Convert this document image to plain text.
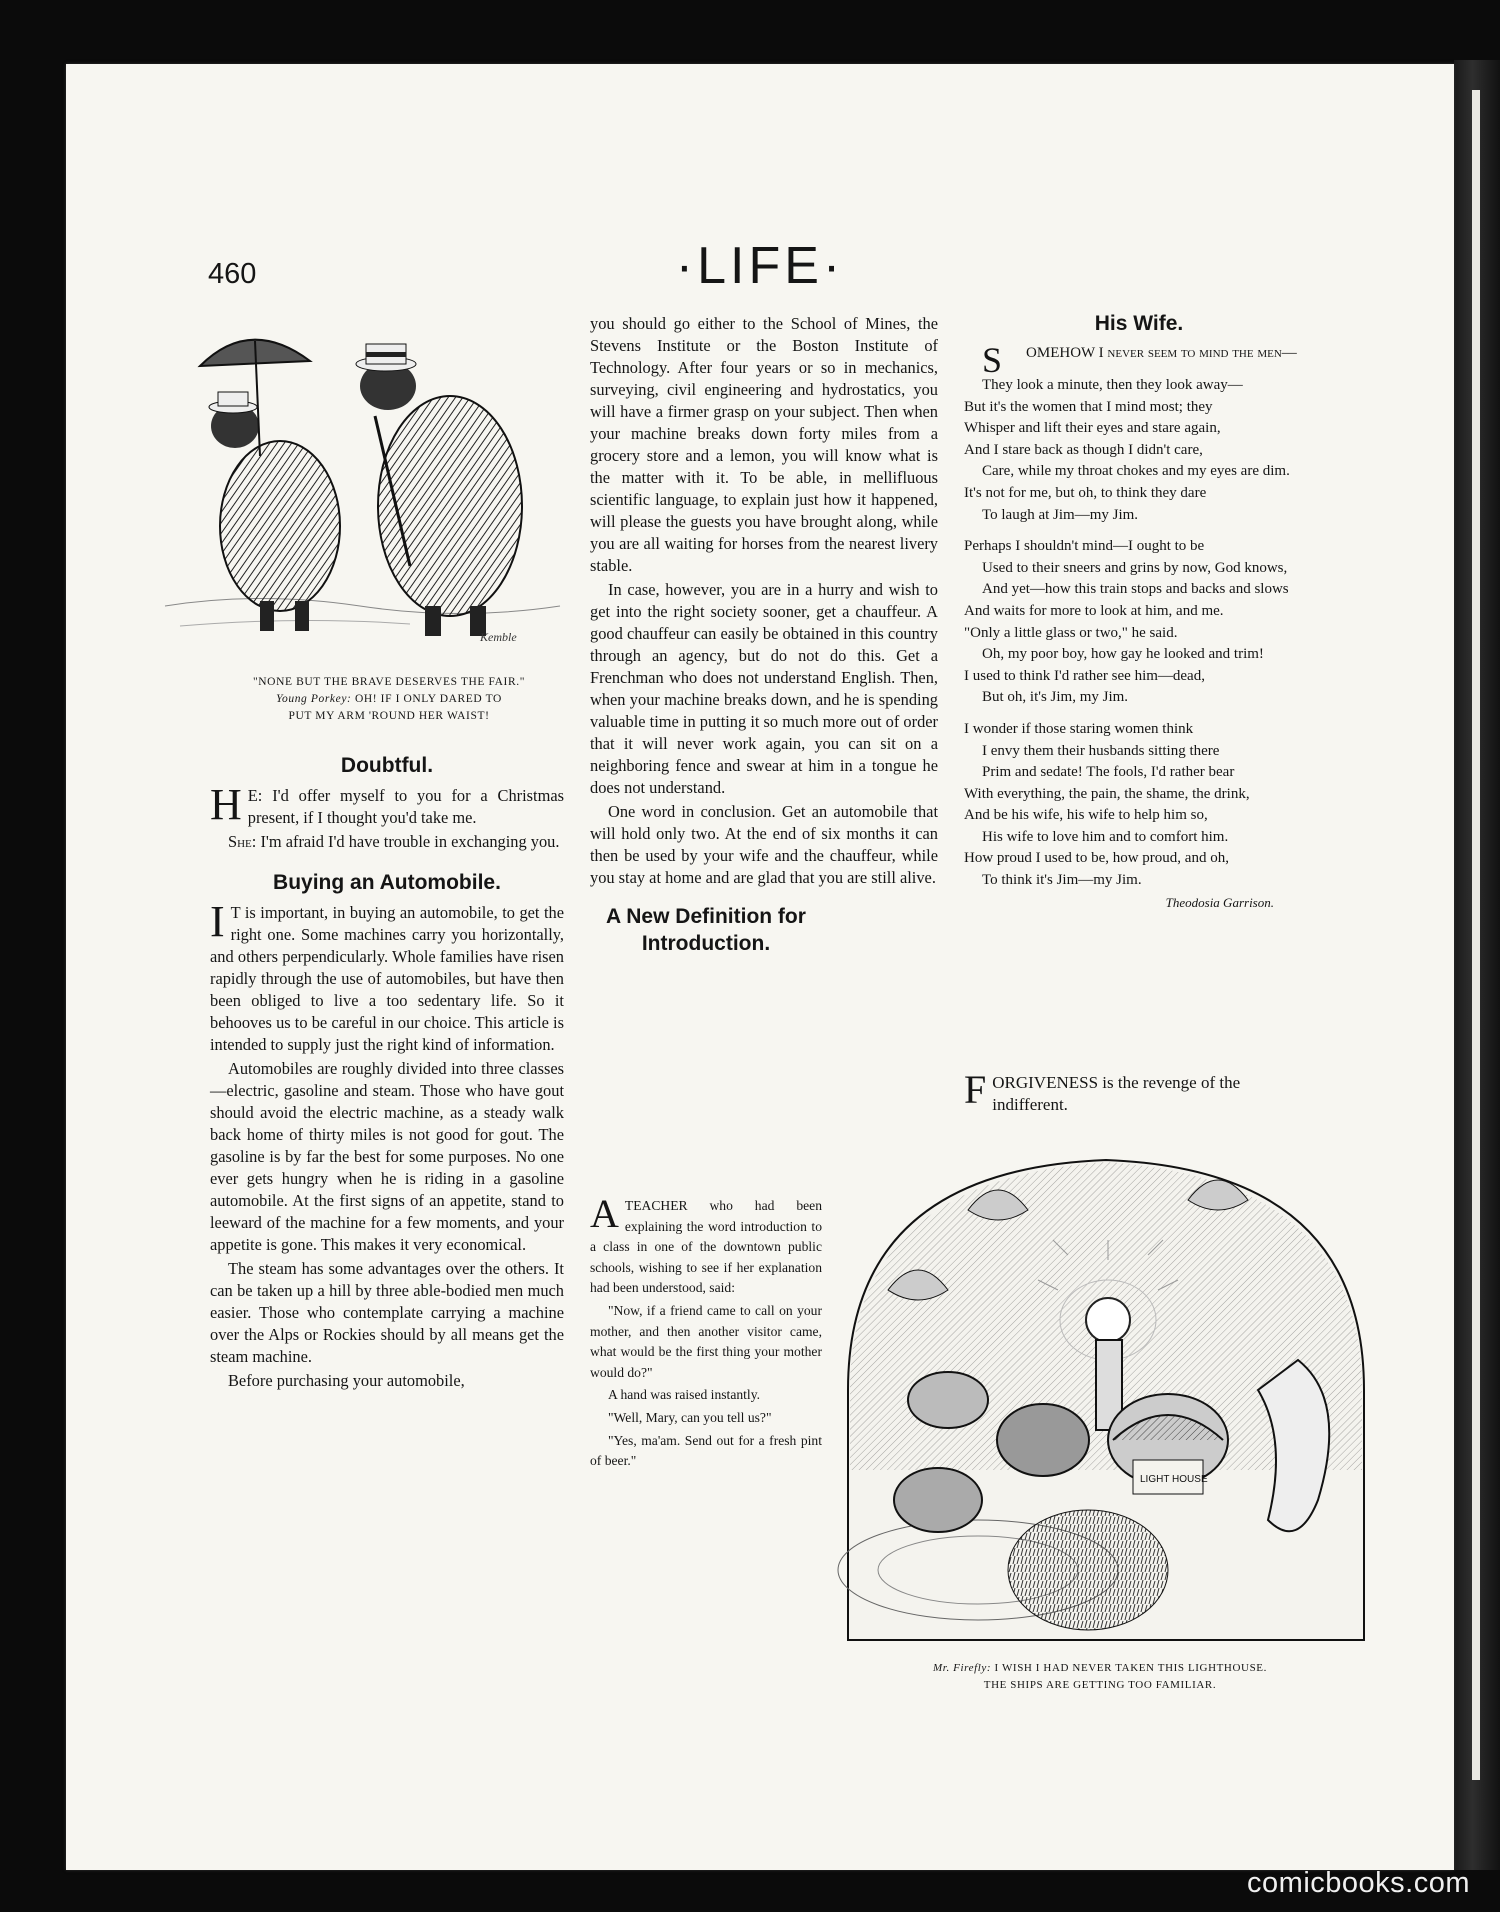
460	·LIFE·
Kemble
"NONE BUT THE BRAVE DESERVES THE FAIR."
Young Porkey: OH! IF I ONLY DARED TO
PUT MY ARM 'ROUND HER WAIST!
Doubtful.

H E: I'd offer myself to you for a Christmas present, if I thought you'd take me.

She: I'm afraid I'd have trouble in exchanging you.

Buying an Automobile.

I T is important, in buying an automobile, to get the right one. Some machines carry you horizontally, and others perpendicularly. Whole families have risen rapidly through the use of automobiles, but have then been obliged to live a too sedentary life. So it behooves us to be careful in our choice. This article is intended to supply just the right kind of information.

Automobiles are roughly divided into three classes—electric, gasoline and steam. Those who have gout should avoid the electric machine, as a steady walk back home of thirty miles is not good for gout. The gasoline is by far the best for some purposes. No one ever gets hungry when he is riding in a gasoline automobile. At the first signs of an appetite, stand to leeward of the machine for a few moments, and your appetite is gone. This makes it very economical.

The steam has some advantages over the others. It can be taken up a hill by three able-bodied men much easier. Those who contemplate carrying a machine over the Alps or Rockies should by all means get the steam machine.

Before purchasing your automobile,

you should go either to the School of Mines, the Stevens Institute or the Boston Institute of Technology. After four years or so in mechanics, surveying, civil engineering and hydrostatics, you will have a firmer grasp on your subject. Then when your machine breaks down forty miles from a grocery store and a lemon, you will know what is the matter with it. To be able, in mellifluous scientific language, to explain just how it happened, will please the guests you have brought along, while you are all waiting for horses from the nearest livery stable.

In case, however, you are in a hurry and wish to get into the right society sooner, get a chauffeur. A good chauffeur can easily be obtained in this country through an agency, but do not do this. Get a Frenchman who does not understand English. Then, when your machine breaks down, and he is spending valuable time in putting it so much more out of order that it will never work again, you can sit on a neighboring fence and swear at him in a tongue he does not understand.

One word in conclusion. Get an automobile that will hold only two. At the end of six months it can then be used by your wife and the chauffeur, while you stay at home and are glad that you are still alive.

A New Definition for
Introduction.

ATEACHER who had been explaining the word introduction to a class in one of the downtown public schools, wishing to see if her explanation had been understood, said:

"Now, if a friend came to call on your mother, and then another visitor came, what would be the first thing your mother would do?"

A hand was raised instantly.

"Well, Mary, can you tell us?"

"Yes, ma'am. Send out for a fresh pint of beer."

His Wife.

S OMEHOW I never seem to mind the men—

They look a minute, then they look away—
But it's the women that I mind most; they
Whisper and lift their eyes and stare again,
And I stare back as though I didn't care,
Care, while my throat chokes and my eyes are dim.
It's not for me, but oh, to think they dare
To laugh at Jim—my Jim.
Perhaps I shouldn't mind—I ought to be
Used to their sneers and grins by now, God knows,
And yet—how this train stops and backs and slows
And waits for more to look at him, and me.
"Only a little glass or two," he said.
Oh, my poor boy, how gay he looked and trim!
I used to think I'd rather see him—dead,
But oh, it's Jim, my Jim.
I wonder if those staring women think
I envy them their husbands sitting there
Prim and sedate! The fools, I'd rather bear
With everything, the pain, the shame, the drink,
And be his wife, his wife to help him so,
His wife to love him and to comfort him.
How proud I used to be, how proud, and oh,
To think it's Jim—my Jim.
Theodosia Garrison.
FORGIVENESS is the revenge of the indifferent.
LIGHT HOUSE
Mr. Firefly: I WISH I HAD NEVER TAKEN THIS LIGHTHOUSE.
THE SHIPS ARE GETTING TOO FAMILIAR.
comicbooks.com
